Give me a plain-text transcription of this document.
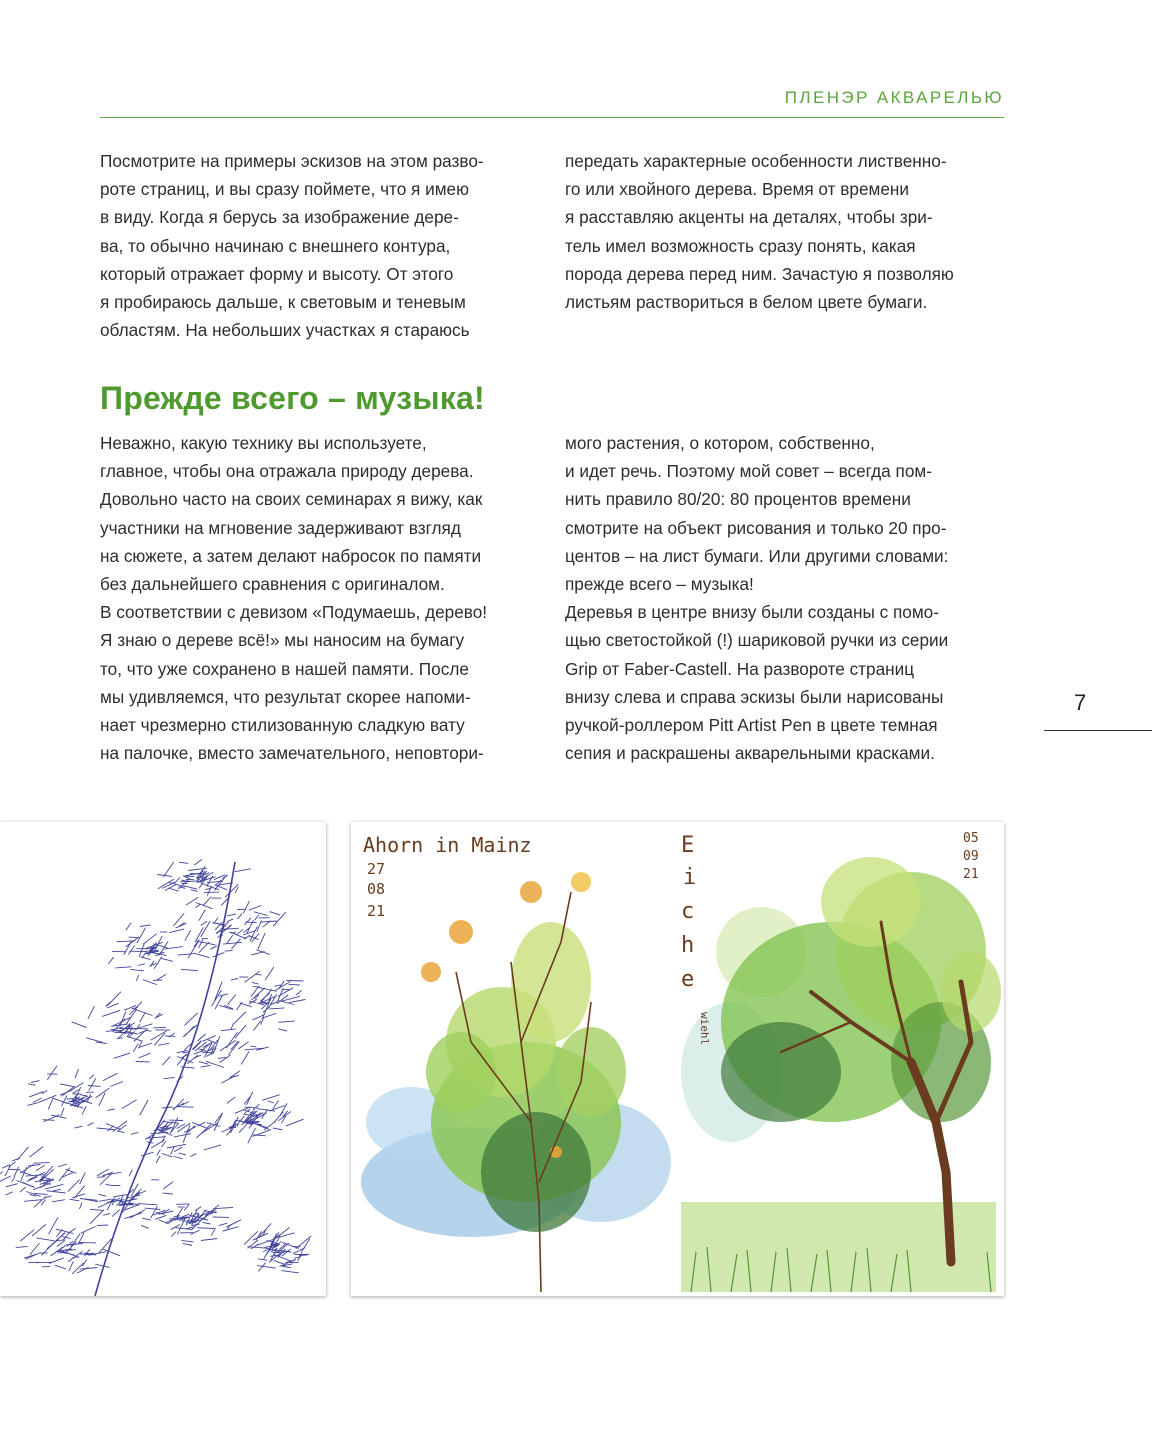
ПЛЕНЭР АКВАРЕЛЬЮ
Посмотрите на примеры эскизов на этом разво-
роте страниц, и вы сразу поймете, что я имею
в виду. Когда я берусь за изображение дере-
ва, то обычно начинаю с внешнего контура,
который отражает форму и высоту. От этого
я пробираюсь дальше, к световым и теневым
областям. На небольших участках я стараюсь
передать характерные особенности лиственно-
го или хвойного дерева. Время от времени
я расставляю акценты на деталях, чтобы зри-
тель имел возможность сразу понять, какая
порода дерева перед ним. Зачастую я позволяю
листьям раствориться в белом цвете бумаги.
Прежде всего – музыка!
Неважно, какую технику вы используете,
главное, чтобы она отражала природу дерева.
Довольно часто на своих семинарах я вижу, как
участники на мгновение задерживают взгляд
на сюжете, а затем делают набросок по памяти
без дальнейшего сравнения с оригиналом.
В соответствии с девизом «Подумаешь, дерево!
Я знаю о дереве всё!» мы наносим на бумагу
то, что уже сохранено в нашей памяти. После
мы удивляемся, что результат скорее напоми-
нает чрезмерно стилизованную сладкую вату
на палочке, вместо замечательного, неповтори-
мого растения, о котором, собственно,
и идет речь. Поэтому мой совет – всегда пом-
нить правило 80/20: 80 процентов времени
смотрите на объект рисования и только 20 про-
центов – на лист бумаги. Или другими словами:
прежде всего – музыка!
Деревья в центре внизу были созданы с помо-
щью светостойкой (!) шариковой ручки из серии
Grip от Faber-Castell. На развороте страниц
внизу слева и справа эскизы были нарисованы
ручкой-роллером Pitt Artist Pen в цвете темная
сепия и раскрашены акварельными красками.
7
Ahorn in Mainz
27
08
21
E
i
c
h
e
wiehl
05
09
21
